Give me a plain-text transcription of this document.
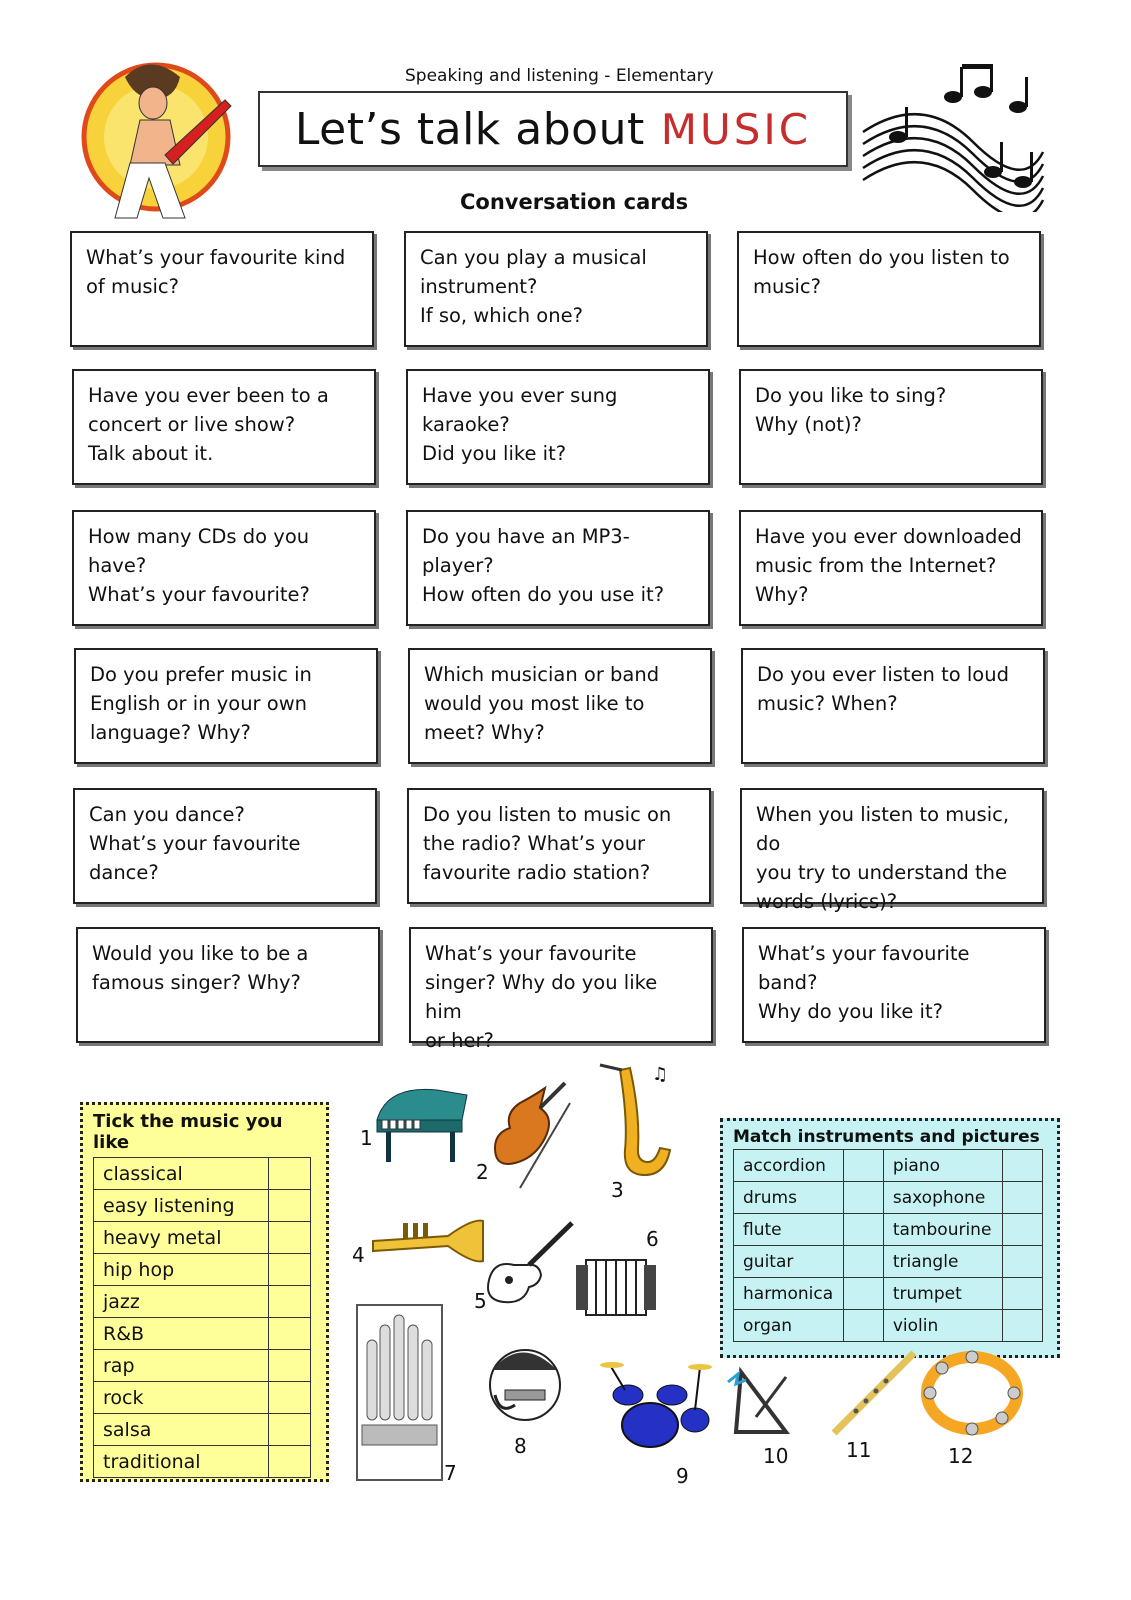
Speaking and listening - Elementary
Let’s talk about MUSIC
Conversation cards
What’s your favourite kind
of music?
Can you play a musical
instrument?
If so, which one?
How often do you listen to
music?
Have you ever been to a
concert or live show?
Talk about it.
Have you ever sung
karaoke?
Did you like it?
Do you like to sing?
Why (not)?
How many CDs do you have?
What’s your favourite?
Do you have an MP3-player?
How often do you use it?
Have you ever downloaded
music from the Internet?
Why?
Do you prefer music in
English or in your own
language? Why?
Which musician or band
would you most like to
meet? Why?
Do you ever listen to loud
music? When?
Can you dance?
What’s your favourite
dance?
Do you listen to music on
the radio? What’s your
favourite radio station?
When you listen to music, do
you try to understand the
words (lyrics)?
Would you like to be a
famous singer? Why?
What’s your favourite
singer? Why do you like him
or her?
What’s your favourite band?
Why do you like it?
Tick the music you like
classical	
easy listening	
heavy metal	
hip hop	
jazz	
R&B	
rap	
rock	
salsa	
traditional	
Match instruments and pictures
accordion		piano	
drums		saxophone	
flute		tambourine	
guitar		triangle	
harmonica		trumpet	
organ		violin	
♫
1
2
3
4
5
6
7
8
9
10	11	12
